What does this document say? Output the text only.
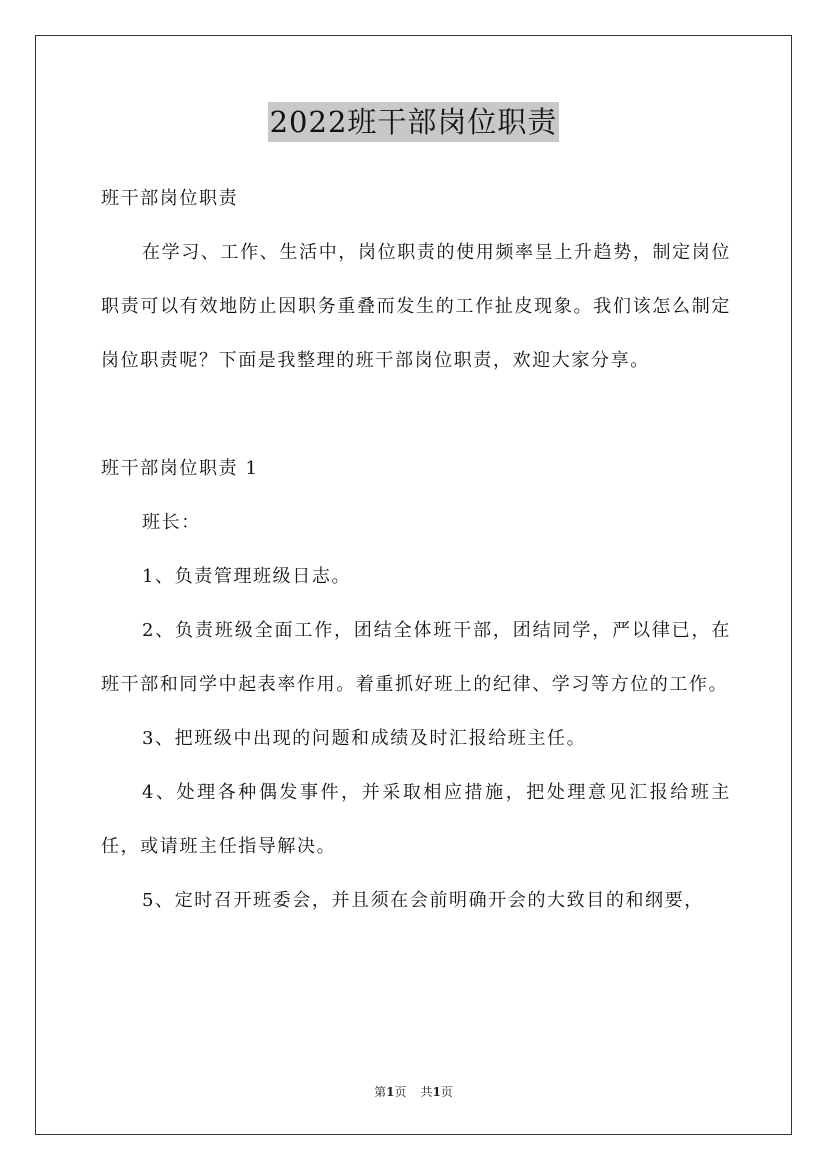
2022班干部岗位职责

班干部岗位职责

在学习、工作、生活中，岗位职责的使用频率呈上升趋势，制定岗位职责可以有效地防止因职务重叠而发生的工作扯皮现象。我们该怎么制定岗位职责呢？下面是我整理的班干部岗位职责，欢迎大家分享。

班干部岗位职责 1

班长：

1、负责管理班级日志。

2、负责班级全面工作，团结全体班干部，团结同学，严以律已，在班干部和同学中起表率作用。着重抓好班上的纪律、学习等方位的工作。

3、把班级中出现的问题和成绩及时汇报给班主任。

4、处理各种偶发事件，并采取相应措施，把处理意见汇报给班主任，或请班主任指导解决。

5、定时召开班委会，并且须在会前明确开会的大致目的和纲要，

第1页 共1页
